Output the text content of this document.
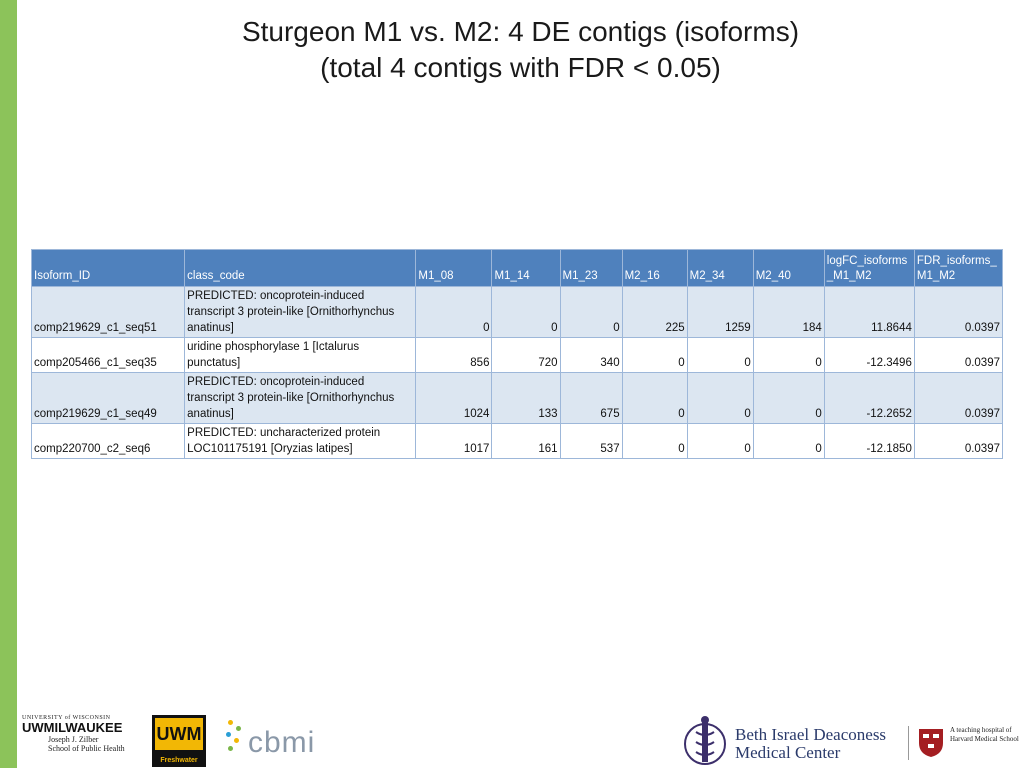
Sturgeon M1 vs. M2: 4 DE contigs (isoforms)
(total 4 contigs with FDR < 0.05)
Isoform_ID	class_code	M1_08	M1_14	M1_23	M2_16	M2_34	M2_40	logFC_isoforms_M1_M2	FDR_isoforms_M1_M2
comp219629_c1_seq51	PREDICTED: oncoprotein-induced transcript 3 protein-like [Ornithorhynchus anatinus]	0	0	0	225	1259	184	11.8644	0.0397
comp205466_c1_seq35	uridine phosphorylase 1 [Ictalurus punctatus]	856	720	340	0	0	0	-12.3496	0.0397
comp219629_c1_seq49	PREDICTED: oncoprotein-induced transcript 3 protein-like [Ornithorhynchus anatinus]	1024	133	675	0	0	0	-12.2652	0.0397
comp220700_c2_seq6	PREDICTED: uncharacterized protein LOC101175191 [Oryzias latipes]	1017	161	537	0	0	0	-12.1850	0.0397
UNIVERSITY of WISCONSIN
UWMILWAUKEE
Joseph J. Zilber
School of Public Health
UWM
Freshwater
cbmi	Beth Israel Deaconess
Medical Center
A teaching hospital of
Harvard Medical School
